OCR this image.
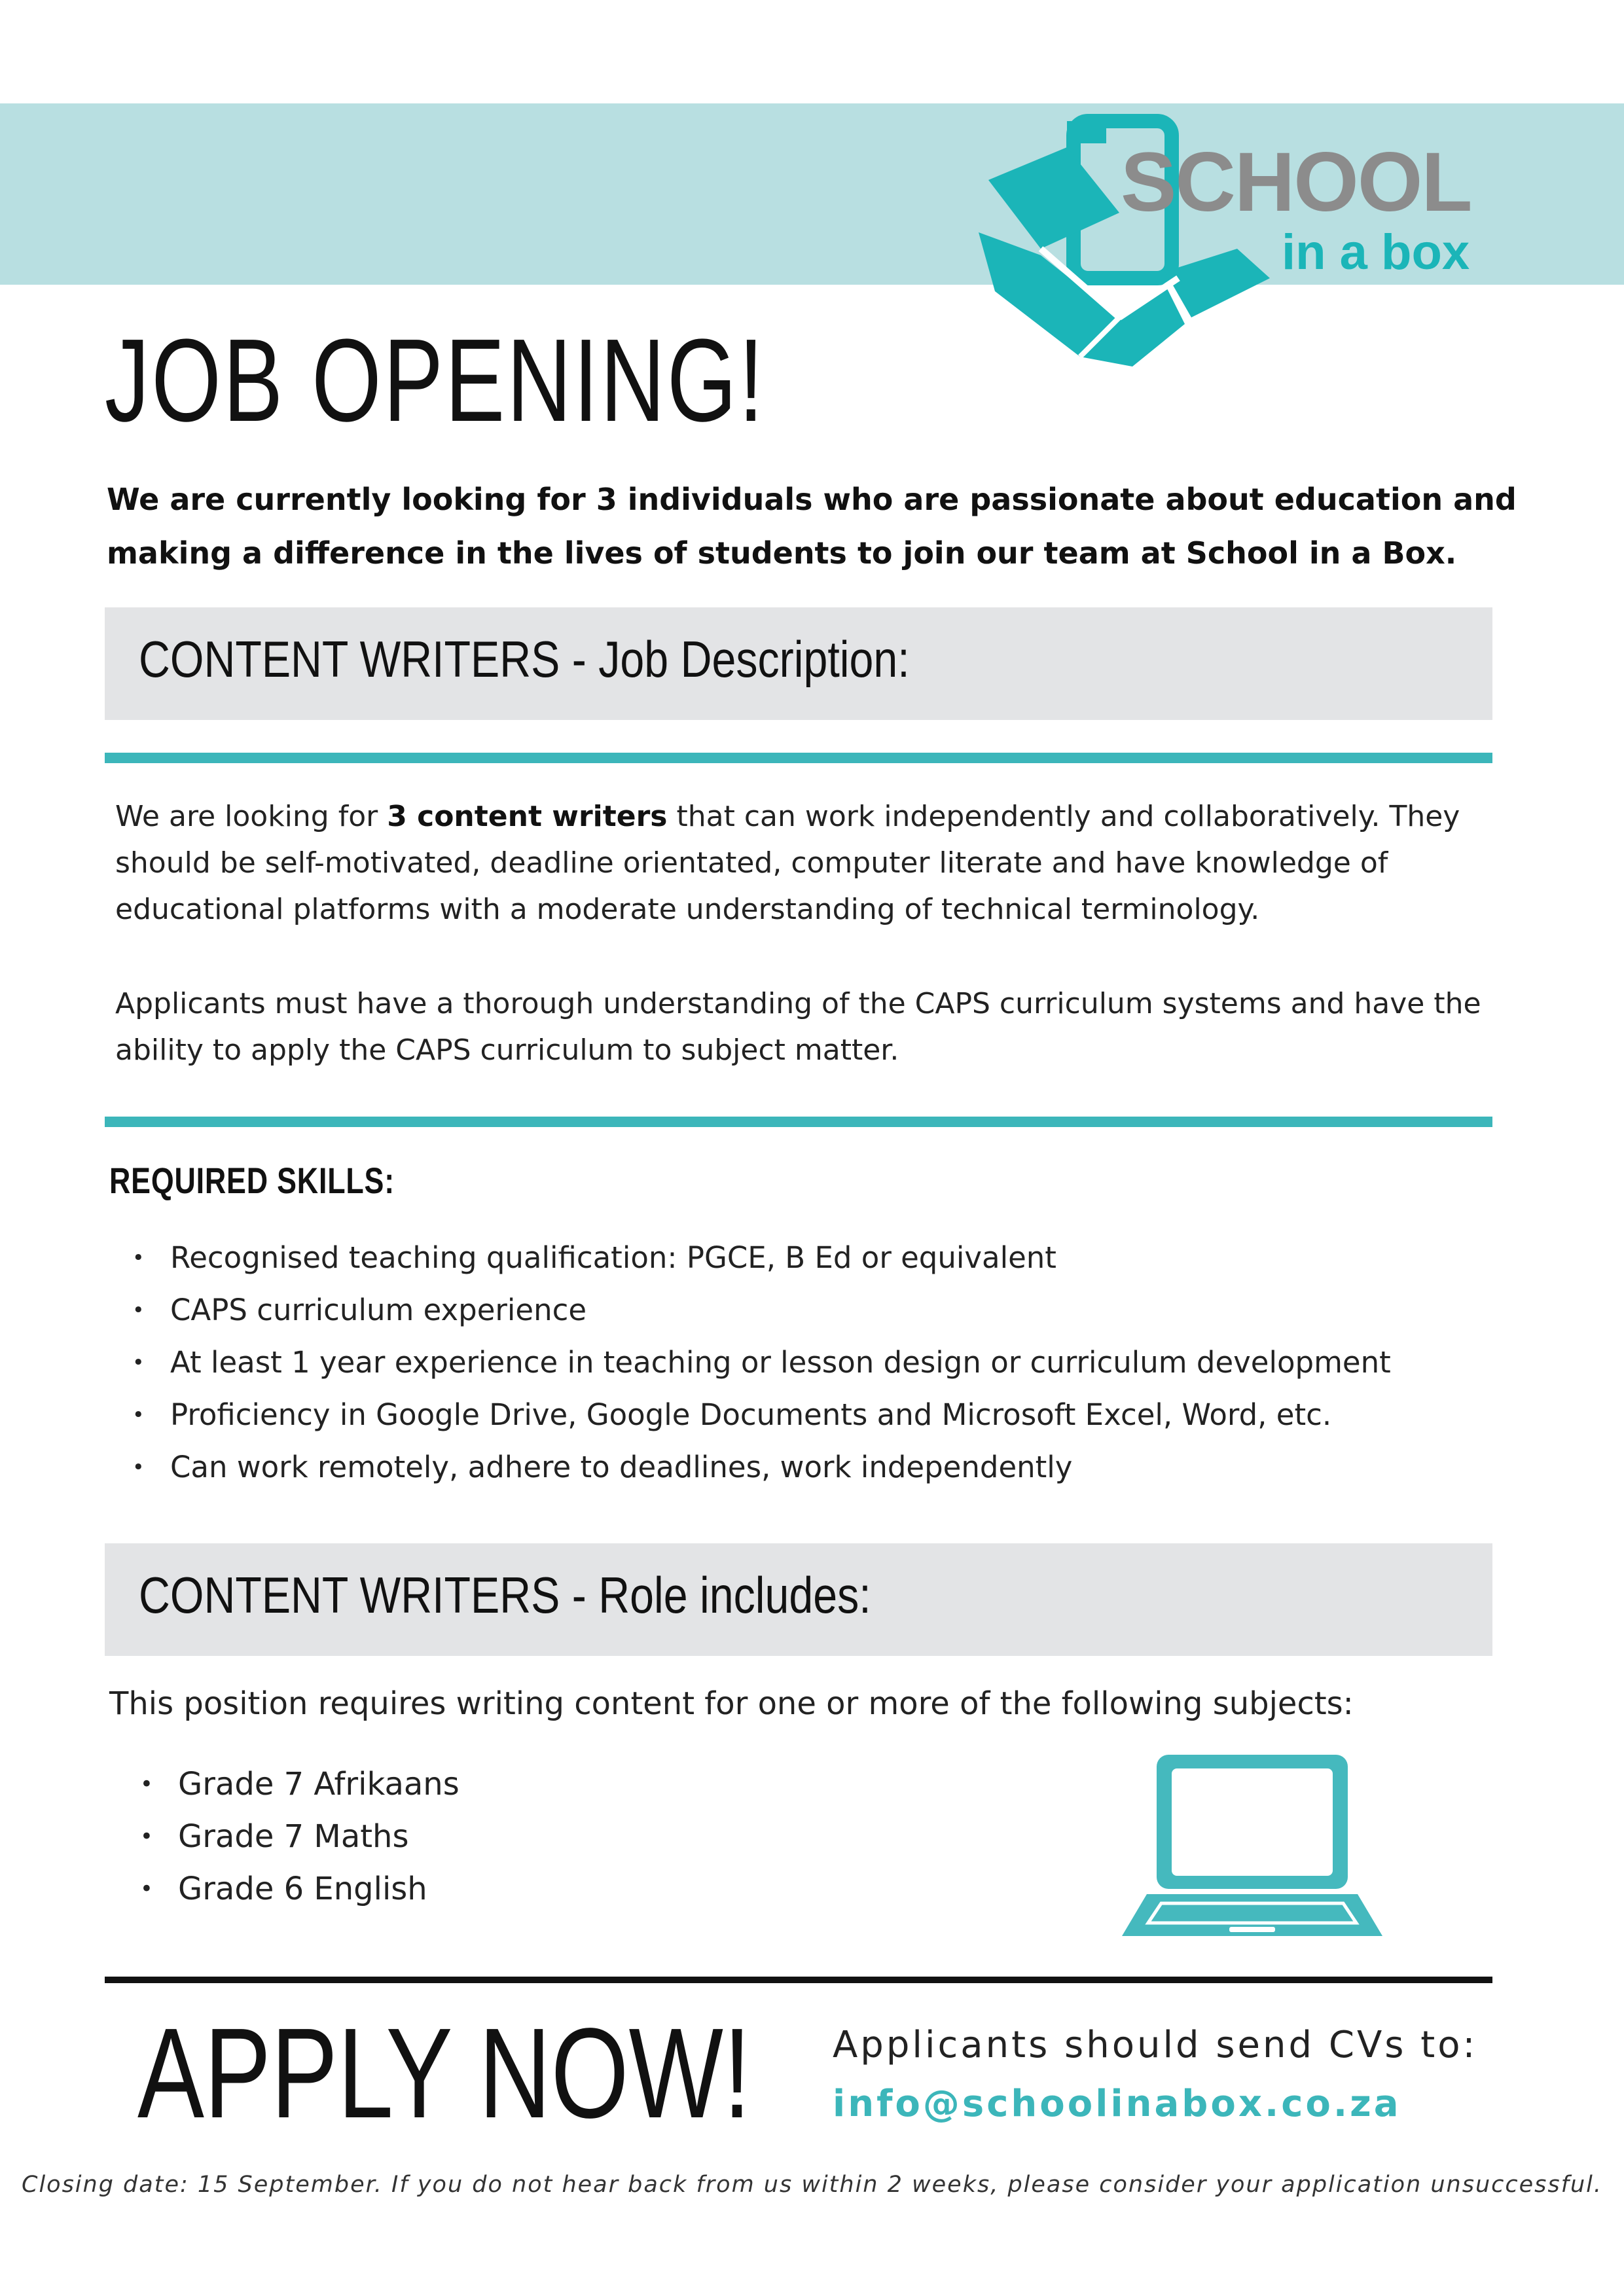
SCHOOL
in a box
JOB OPENING!
We are currently looking for 3 individuals who are passionate about education and making a difference in the lives of students to join our team at School in a Box.
CONTENT WRITERS - Job Description:
We are looking for 3 content writers that can work independently and collaboratively. They should be self-motivated, deadline orientated, computer literate and have knowledge of educational platforms with a moderate understanding of technical terminology.
Applicants must have a thorough understanding of the CAPS curriculum systems and have the ability to apply the CAPS curriculum to subject matter.
REQUIRED SKILLS:
• Recognised teaching qualification: PGCE, B Ed or equivalent
• CAPS curriculum experience
• At least 1 year experience in teaching or lesson design or curriculum development
• Proficiency in Google Drive, Google Documents and Microsoft Excel, Word, etc.
• Can work remotely, adhere to deadlines, work independently
CONTENT WRITERS - Role includes:
This position requires writing content for one or more of the following subjects:
• Grade 7 Afrikaans
• Grade 7 Maths
• Grade 6 English
APPLY NOW! Applicants should send CVs to:
info@schoolinabox.co.za
Closing date: 15 September. If you do not hear back from us within 2 weeks, please consider your application unsuccessful.
